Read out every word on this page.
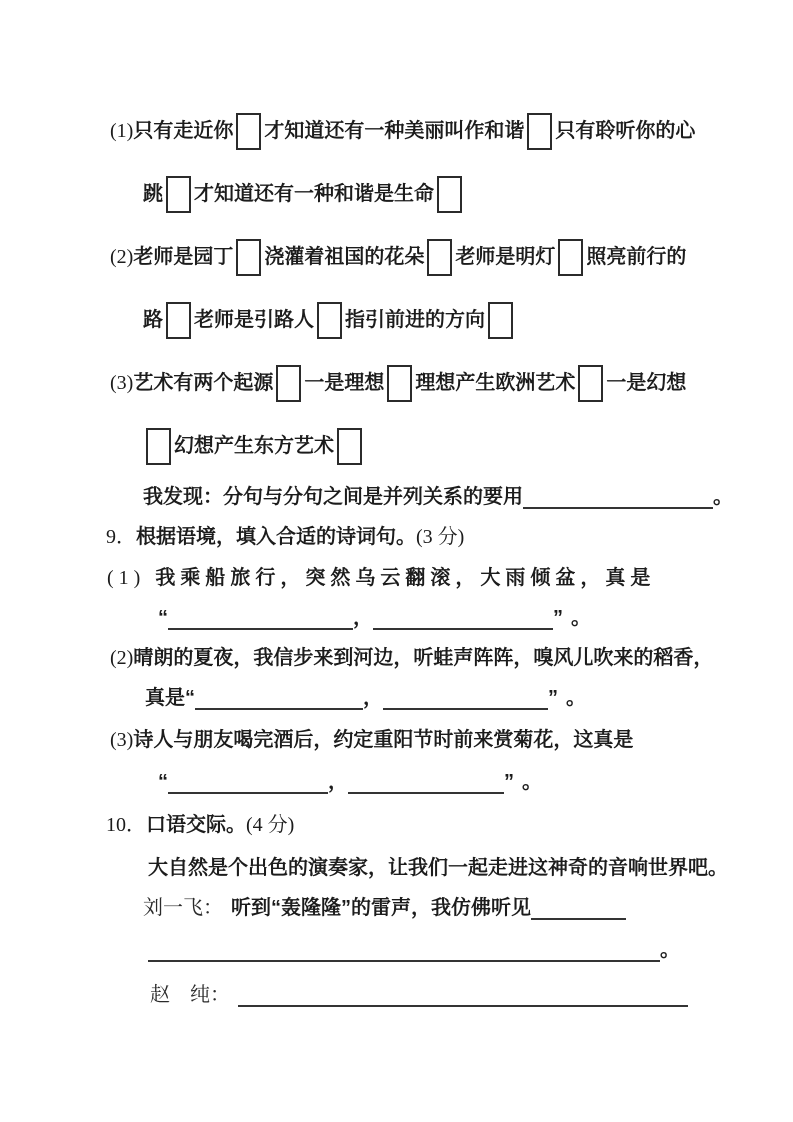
(1)只有走近你 才知道还有一种美丽叫作和谐 只有聆听你的心
跳 才知道还有一种和谐是生命
(2)老师是园丁 浇灌着祖国的花朵 老师是明灯 照亮前行的
路 老师是引路人 指引前进的方向
(3)艺术有两个起源 一是理想 理想产生欧洲艺术 一是幻想
幻想产生东方艺术
我发现：分句与分句之间是并列关系的要用	。
9．根据语境，填入合适的诗词句。(3 分)
(1) 我乘船旅行，突然乌云翻滚，大雨倾盆，真是
“	，	” 。
(2)晴朗的夏夜，我信步来到河边，听蛙声阵阵，嗅风儿吹来的稻香，
真是“	，	” 。
(3)诗人与朋友喝完酒后，约定重阳节时前来赏菊花，这真是
“	，	” 。
10．口语交际。(4 分)
大自然是个出色的演奏家，让我们一起走进这神奇的音响世界吧。
刘一飞： 听到“轰隆隆”的雷声，我仿佛听见
。
赵　纯：
